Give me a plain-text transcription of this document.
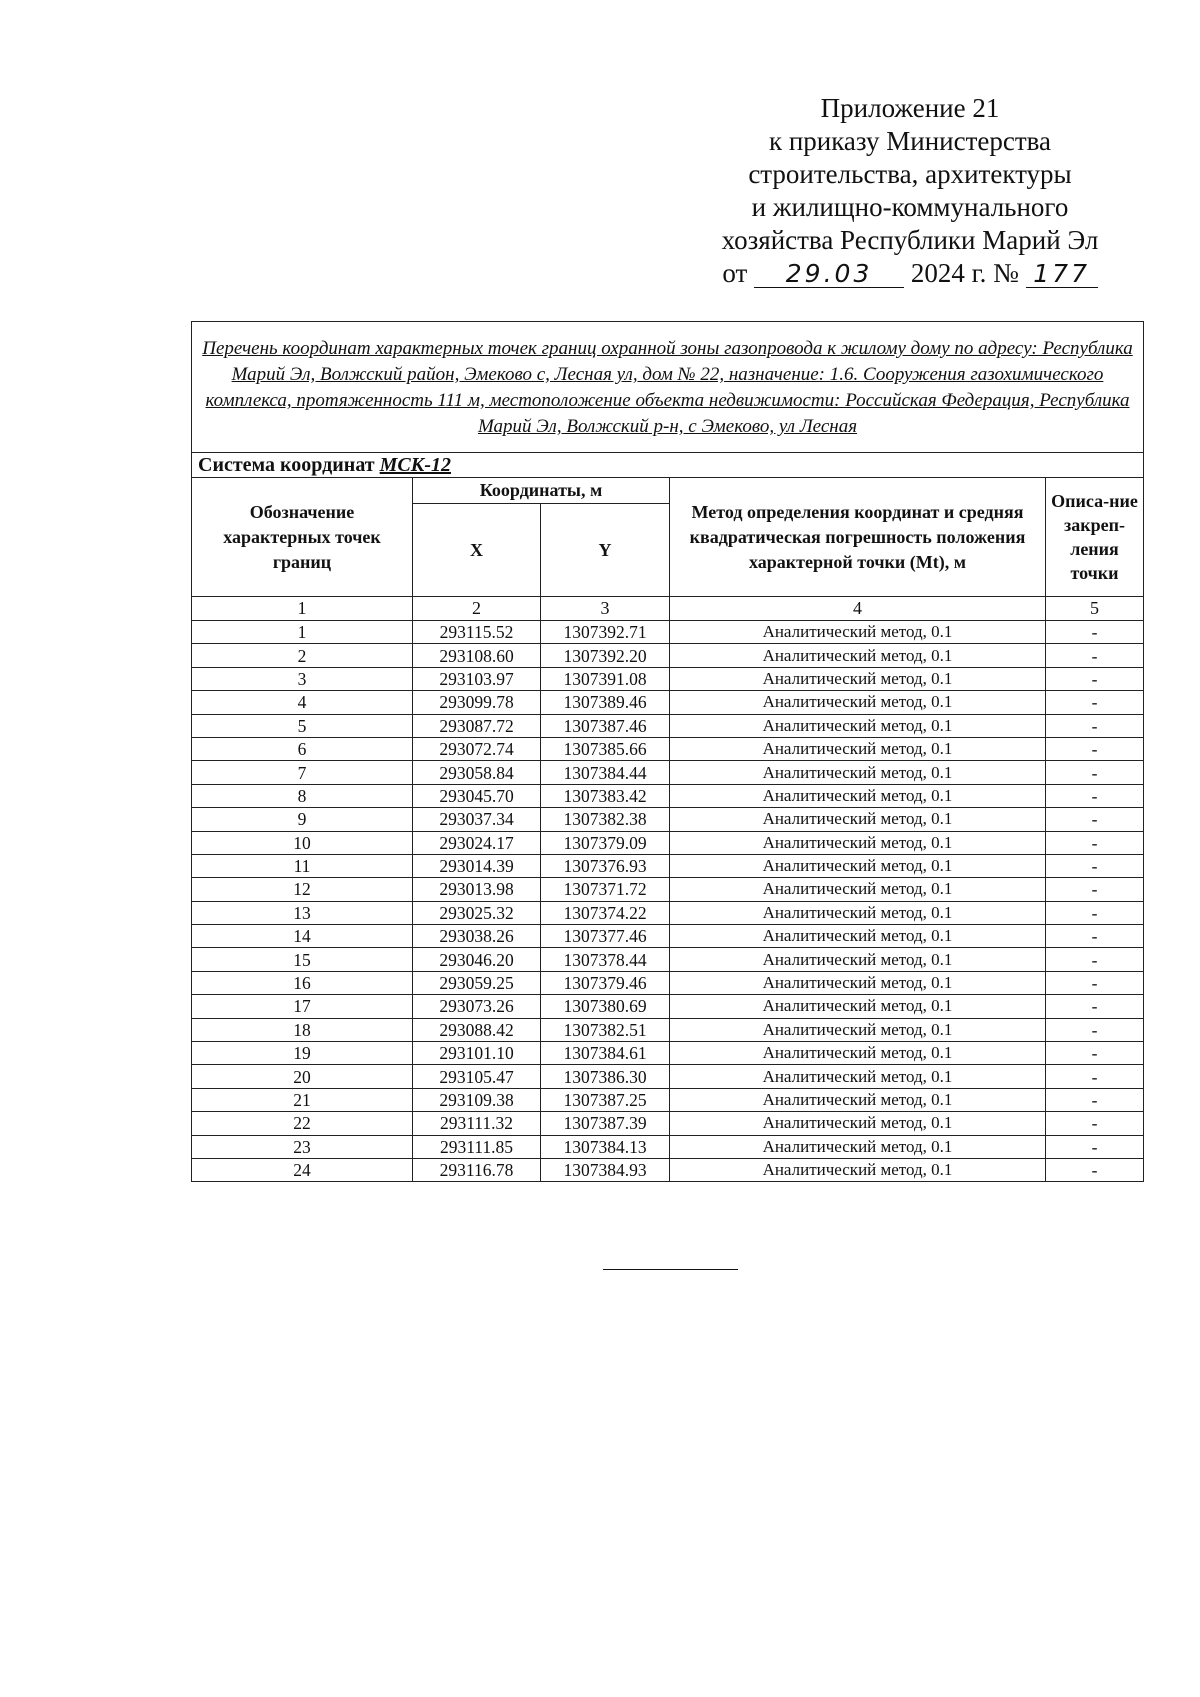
Приложение 21
к приказу Министерства
строительства, архитектуры
и жилищно-коммунального
хозяйства Республики Марий Эл
от 29.03 2024 г. № 177
Перечень координат характерных точек границ охранной зоны газопровода к жилому дому по адресу: Республика Марий Эл, Волжский район, Эмеково с, Лесная ул, дом № 22, назначение: 1.6. Сооружения газохимического комплекса, протяженность 111 м, местоположение объекта недвижимости: Российская Федерация, Республика Марий Эл, Волжский р-н, с Эмеково, ул Лесная				
Система координат МСК-12				
Обозначение характерных точек границ	Координаты, м		Метод определения координат и средняя квадратическая погрешность положения характерной точки (Mt), м	Описа-ние закреп-ления точки
	X	Y		
1	2	3	4	5
1	293115.52	1307392.71	Аналитический метод, 0.1	-
2	293108.60	1307392.20	Аналитический метод, 0.1	-
3	293103.97	1307391.08	Аналитический метод, 0.1	-
4	293099.78	1307389.46	Аналитический метод, 0.1	-
5	293087.72	1307387.46	Аналитический метод, 0.1	-
6	293072.74	1307385.66	Аналитический метод, 0.1	-
7	293058.84	1307384.44	Аналитический метод, 0.1	-
8	293045.70	1307383.42	Аналитический метод, 0.1	-
9	293037.34	1307382.38	Аналитический метод, 0.1	-
10	293024.17	1307379.09	Аналитический метод, 0.1	-
11	293014.39	1307376.93	Аналитический метод, 0.1	-
12	293013.98	1307371.72	Аналитический метод, 0.1	-
13	293025.32	1307374.22	Аналитический метод, 0.1	-
14	293038.26	1307377.46	Аналитический метод, 0.1	-
15	293046.20	1307378.44	Аналитический метод, 0.1	-
16	293059.25	1307379.46	Аналитический метод, 0.1	-
17	293073.26	1307380.69	Аналитический метод, 0.1	-
18	293088.42	1307382.51	Аналитический метод, 0.1	-
19	293101.10	1307384.61	Аналитический метод, 0.1	-
20	293105.47	1307386.30	Аналитический метод, 0.1	-
21	293109.38	1307387.25	Аналитический метод, 0.1	-
22	293111.32	1307387.39	Аналитический метод, 0.1	-
23	293111.85	1307384.13	Аналитический метод, 0.1	-
24	293116.78	1307384.93	Аналитический метод, 0.1	-
